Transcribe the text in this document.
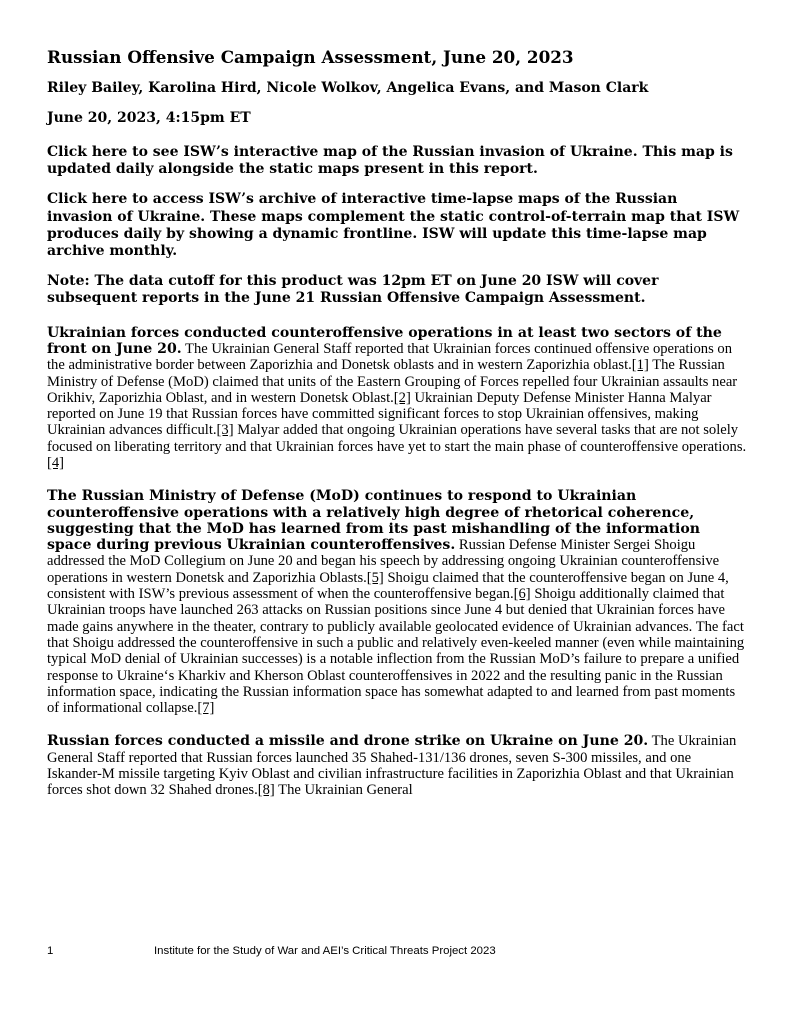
Russian Offensive Campaign Assessment, June 20, 2023

Riley Bailey, Karolina Hird, Nicole Wolkov, Angelica Evans, and Mason Clark

June 20, 2023, 4:15pm ET

Click here to see ISW’s interactive map of the Russian invasion of Ukraine. This map is updated daily alongside the static maps present in this report.

Click here to access ISW’s archive of interactive time-lapse maps of the Russian invasion of Ukraine. These maps complement the static control-of-terrain map that ISW produces daily by showing a dynamic frontline. ISW will update this time-lapse map archive monthly.

Note: The data cutoff for this product was 12pm ET on June 20 ISW will cover subsequent reports in the June 21 Russian Offensive Campaign Assessment.

Ukrainian forces conducted counteroffensive operations in at least two sectors of the front on June 20. The Ukrainian General Staff reported that Ukrainian forces continued offensive operations on the administrative border between Zaporizhia and Donetsk oblasts and in western Zaporizhia oblast.[1] The Russian Ministry of Defense (MoD) claimed that units of the Eastern Grouping of Forces repelled four Ukrainian assaults near Orikhiv, Zaporizhia Oblast, and in western Donetsk Oblast.[2] Ukrainian Deputy Defense Minister Hanna Malyar reported on June 19 that Russian forces have committed significant forces to stop Ukrainian offensives, making Ukrainian advances difficult.[3] Malyar added that ongoing Ukrainian operations have several tasks that are not solely focused on liberating territory and that Ukrainian forces have yet to start the main phase of counteroffensive operations.[4]

The Russian Ministry of Defense (MoD) continues to respond to Ukrainian counteroffensive operations with a relatively high degree of rhetorical coherence, suggesting that the MoD has learned from its past mishandling of the information space during previous Ukrainian counteroffensives. Russian Defense Minister Sergei Shoigu addressed the MoD Collegium on June 20 and began his speech by addressing ongoing Ukrainian counteroffensive operations in western Donetsk and Zaporizhia Oblasts.[5] Shoigu claimed that the counteroffensive began on June 4, consistent with ISW’s previous assessment of when the counteroffensive began.[6] Shoigu additionally claimed that Ukrainian troops have launched 263 attacks on Russian positions since June 4 but denied that Ukrainian forces have made gains anywhere in the theater, contrary to publicly available geolocated evidence of Ukrainian advances. The fact that Shoigu addressed the counteroffensive in such a public and relatively even-keeled manner (even while maintaining typical MoD denial of Ukrainian successes) is a notable inflection from the Russian MoD’s failure to prepare a unified response to Ukraine‘s Kharkiv and Kherson Oblast counteroffensives in 2022 and the resulting panic in the Russian information space, indicating the Russian information space has somewhat adapted to and learned from past moments of informational collapse.[7]

Russian forces conducted a missile and drone strike on Ukraine on June 20. The Ukrainian General Staff reported that Russian forces launched 35 Shahed-131/136 drones, seven S-300 missiles, and one Iskander-M missile targeting Kyiv Oblast and civilian infrastructure facilities in Zaporizhia Oblast and that Ukrainian forces shot down 32 Shahed drones.[8] The Ukrainian General

1	Institute for the Study of War and AEI’s Critical Threats Project 2023
